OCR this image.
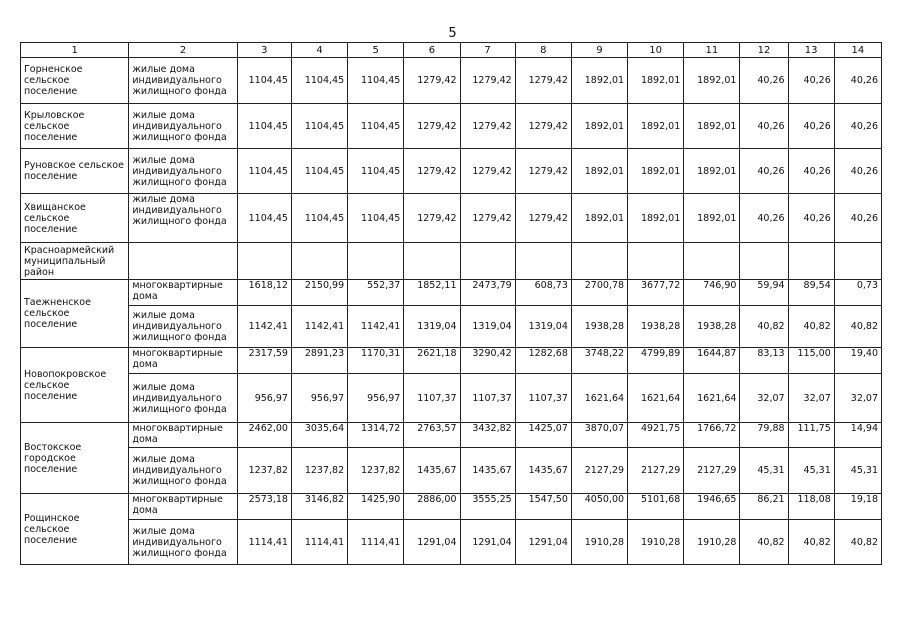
5
1	2	3	4	5	6	7	8	9	10	11	12	13	14
Горненское сельское поселение	жилые дома индивидуального жилищного фонда	1104,45	1104,45	1104,45	1279,42	1279,42	1279,42	1892,01	1892,01	1892,01	40,26	40,26	40,26
Крыловское сельское поселение	жилые дома индивидуального жилищного фонда	1104,45	1104,45	1104,45	1279,42	1279,42	1279,42	1892,01	1892,01	1892,01	40,26	40,26	40,26
Руновское сельское поселение	жилые дома индивидуального жилищного фонда	1104,45	1104,45	1104,45	1279,42	1279,42	1279,42	1892,01	1892,01	1892,01	40,26	40,26	40,26
Хвищанское сельское поселение	жилые дома индивидуального жилищного фонда	1104,45	1104,45	1104,45	1279,42	1279,42	1279,42	1892,01	1892,01	1892,01	40,26	40,26	40,26
Красноармейский муниципальный район													
Таежненское сельское поселение	многоквартирные дома	1618,12	2150,99	552,37	1852,11	2473,79	608,73	2700,78	3677,72	746,90	59,94	89,54	0,73
	жилые дома индивидуального жилищного фонда	1142,41	1142,41	1142,41	1319,04	1319,04	1319,04	1938,28	1938,28	1938,28	40,82	40,82	40,82
Новопокровское сельское поселение	многоквартирные дома	2317,59	2891,23	1170,31	2621,18	3290,42	1282,68	3748,22	4799,89	1644,87	83,13	115,00	19,40
	жилые дома индивидуального жилищного фонда	956,97	956,97	956,97	1107,37	1107,37	1107,37	1621,64	1621,64	1621,64	32,07	32,07	32,07
Востокское городское поселение	многоквартирные дома	2462,00	3035,64	1314,72	2763,57	3432,82	1425,07	3870,07	4921,75	1766,72	79,88	111,75	14,94
	жилые дома индивидуального жилищного фонда	1237,82	1237,82	1237,82	1435,67	1435,67	1435,67	2127,29	2127,29	2127,29	45,31	45,31	45,31
Рощинское сельское поселение	многоквартирные дома	2573,18	3146,82	1425,90	2886,00	3555,25	1547,50	4050,00	5101,68	1946,65	86,21	118,08	19,18
	жилые дома индивидуального жилищного фонда	1114,41	1114,41	1114,41	1291,04	1291,04	1291,04	1910,28	1910,28	1910,28	40,82	40,82	40,82
